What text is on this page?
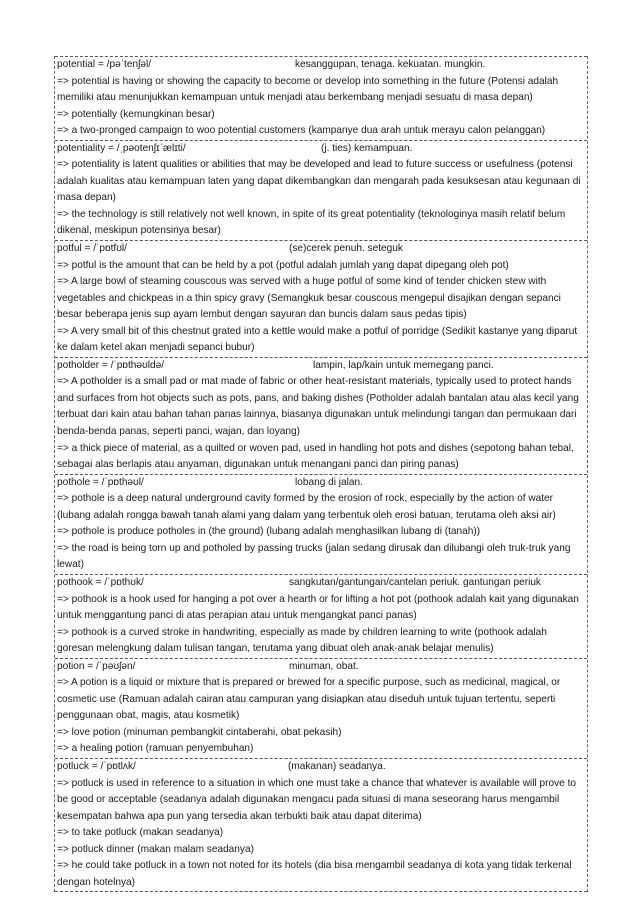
potential = /pəˈtenʃəl/	kesanggupan, tenaga. kekuatan. mungkin.
=> potential is having or showing the capacity to become or develop into something in the future (Potensi adalah memiliki atau menunjukkan kemampuan untuk menjadi atau berkembang menjadi sesuatu di masa depan)
=> potentially (kemungkinan besar)
=> a two-pronged campaign to woo potential customers (kampanye dua arah untuk merayu calon pelanggan)
potentiality = /ˌpəotenʃɪˈælɪti/	(j. ties) kemampuan.
=> potentiality is latent qualities or abilities that may be developed and lead to future success or usefulness (potensi adalah kualitas atau kemampuan laten yang dapat dikembangkan dan mengarah pada kesuksesan atau kegunaan di masa depan)
=> the technology is still relatively not well known, in spite of its great potentiality (teknologinya masih relatif belum dikenal, meskipun potensinya besar)
potful = /ˈpɒtfʊl/	(se)cerek penuh. seteguk
=> potful is the amount that can be held by a pot (potful adalah jumlah yang dapat dipegang oleh pot)
=> A large bowl of steaming couscous was served with a huge potful of some kind of tender chicken stew with vegetables and chickpeas in a thin spicy gravy (Semangkuk besar couscous mengepul disajikan dengan sepanci besar beberapa jenis sup ayam lembut dengan sayuran dan buncis dalam saus pedas tipis)
=> A very small bit of this chestnut grated into a kettle would make a potful of porridge (Sedikit kastanye yang diparut ke dalam ketel akan menjadi sepanci bubur)
potholder = /ˈpɒthəʊldə/	lampin, lap/kain untuk memegang panci.
=> A potholder is a small pad or mat made of fabric or other heat-resistant materials, typically used to protect hands and surfaces from hot objects such as pots, pans, and baking dishes (Potholder adalah bantalan atau alas kecil yang terbuat dari kain atau bahan tahan panas lainnya, biasanya digunakan untuk melindungi tangan dan permukaan dari benda-benda panas, seperti panci, wajan, dan loyang)
=> a thick piece of material, as a quilted or woven pad, used in handling hot pots and dishes (sepotong bahan tebal, sebagai alas berlapis atau anyaman, digunakan untuk menangani panci dan piring panas)
pothole = /ˈpɒthəʊl/	lobang di jalan.
=> pothole is a deep natural underground cavity formed by the erosion of rock, especially by the action of water (lubang adalah rongga bawah tanah alami yang dalam yang terbentuk oleh erosi batuan, terutama oleh aksi air)
=> pothole is produce potholes in (the ground) (lubang adalah menghasilkan lubang di (tanah))
=> the road is being torn up and potholed by passing trucks (jalan sedang dirusak dan dilubangi oleh truk-truk yang lewat)
pothook = /ˈpɒthʊk/	sangkutan/gantungan/cantelan periuk. gantungan periuk
=> pothook is a hook used for hanging a pot over a hearth or for lifting a hot pot (pothook adalah kait yang digunakan untuk menggantung panci di atas perapian atau untuk mengangkat panci panas)
=> pothook is a curved stroke in handwriting, especially as made by children learning to write (pothook adalah goresan melengkung dalam tulisan tangan, terutama yang dibuat oleh anak-anak belajar menulis)
potion = /ˈpəʊʃən/	minuman, obat.
=> A potion is a liquid or mixture that is prepared or brewed for a specific purpose, such as medicinal, magical, or cosmetic use (Ramuan adalah cairan atau campuran yang disiapkan atau diseduh untuk tujuan tertentu, seperti penggunaan obat, magis, atau kosmetik)
=> love potion (minuman pembangkit cintaberahi, obat pekasih)
=> a healing potion (ramuan penyembuhan)
potluck = /ˈpɒtlʌk/	(makanan) seadanya.
=> potluck is used in reference to a situation in which one must take a chance that whatever is available will prove to be good or acceptable (seadanya adalah digunakan mengacu pada situasi di mana seseorang harus mengambil kesempatan bahwa apa pun yang tersedia akan terbukti baik atau dapat diterima)
=> to take potluck (makan seadanya)
=> potluck dinner (makan malam seadanya)
=> he could take potluck in a town not noted for its hotels (dia bisa mengambil seadanya di kota yang tidak terkenal dengan hotelnya)
